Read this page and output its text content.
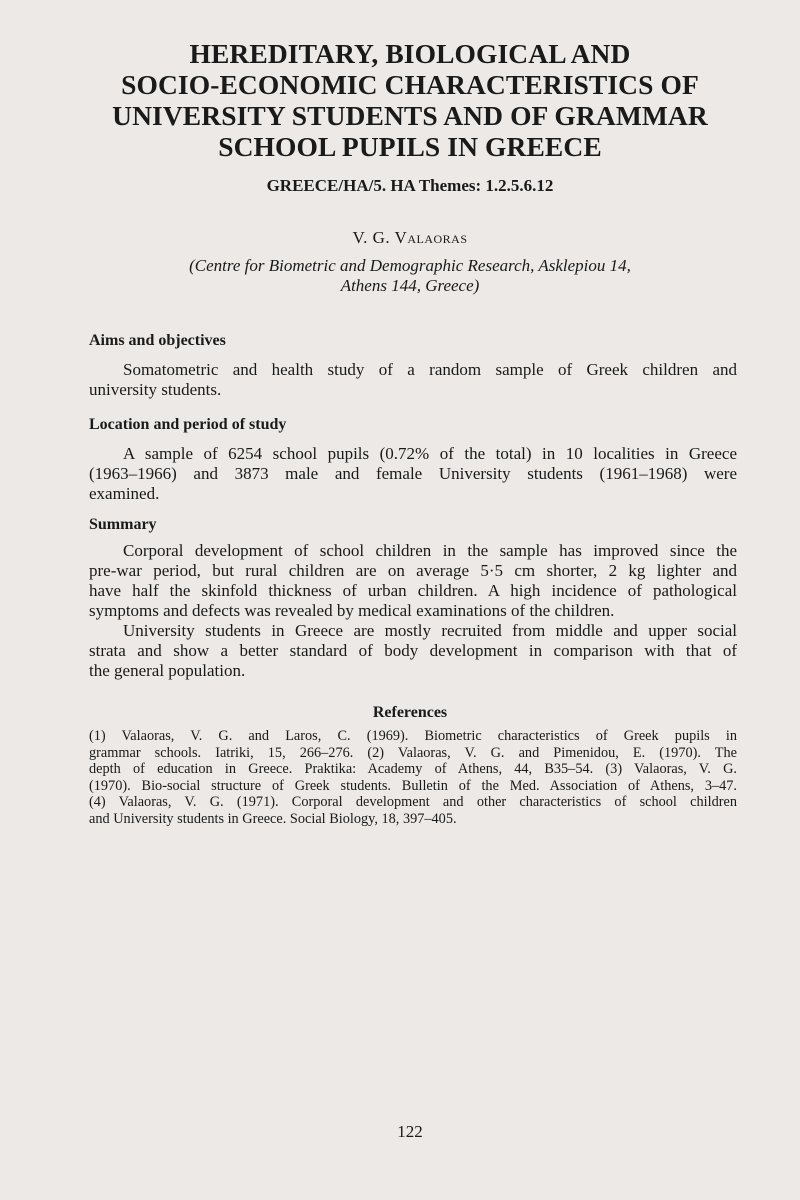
HEREDITARY, BIOLOGICAL AND
SOCIO-ECONOMIC CHARACTERISTICS OF
UNIVERSITY STUDENTS AND OF GRAMMAR
SCHOOL PUPILS IN GREECE

GREECE/HA/5. HA Themes: 1.2.5.6.12

V. G. Valaoras

(Centre for Biometric and Demographic Research, Asklepiou 14,
Athens 144, Greece)

Aims and objectives
Somatometric and health study of a random sample of Greek children and
university students.
Location and period of study
A sample of 6254 school pupils (0.72% of the total) in 10 localities in Greece
(1963–1966) and 3873 male and female University students (1961–1968) were
examined.
Summary
Corporal development of school children in the sample has improved since the
pre-war period, but rural children are on average 5·5 cm shorter, 2 kg lighter and
have half the skinfold thickness of urban children. A high incidence of pathological
symptoms and defects was revealed by medical examinations of the children.
University students in Greece are mostly recruited from middle and upper social
strata and show a better standard of body development in comparison with that of
the general population.
References
(1) Valaoras, V. G. and Laros, C. (1969). Biometric characteristics of Greek pupils in
grammar schools. Iatriki, 15, 266–276. (2) Valaoras, V. G. and Pimenidou, E. (1970). The
depth of education in Greece. Praktika: Academy of Athens, 44, B35–54. (3) Valaoras, V. G.
(1970). Bio-social structure of Greek students. Bulletin of the Med. Association of Athens, 3–47.
(4) Valaoras, V. G. (1971). Corporal development and other characteristics of school children
and University students in Greece. Social Biology, 18, 397–405.

122
